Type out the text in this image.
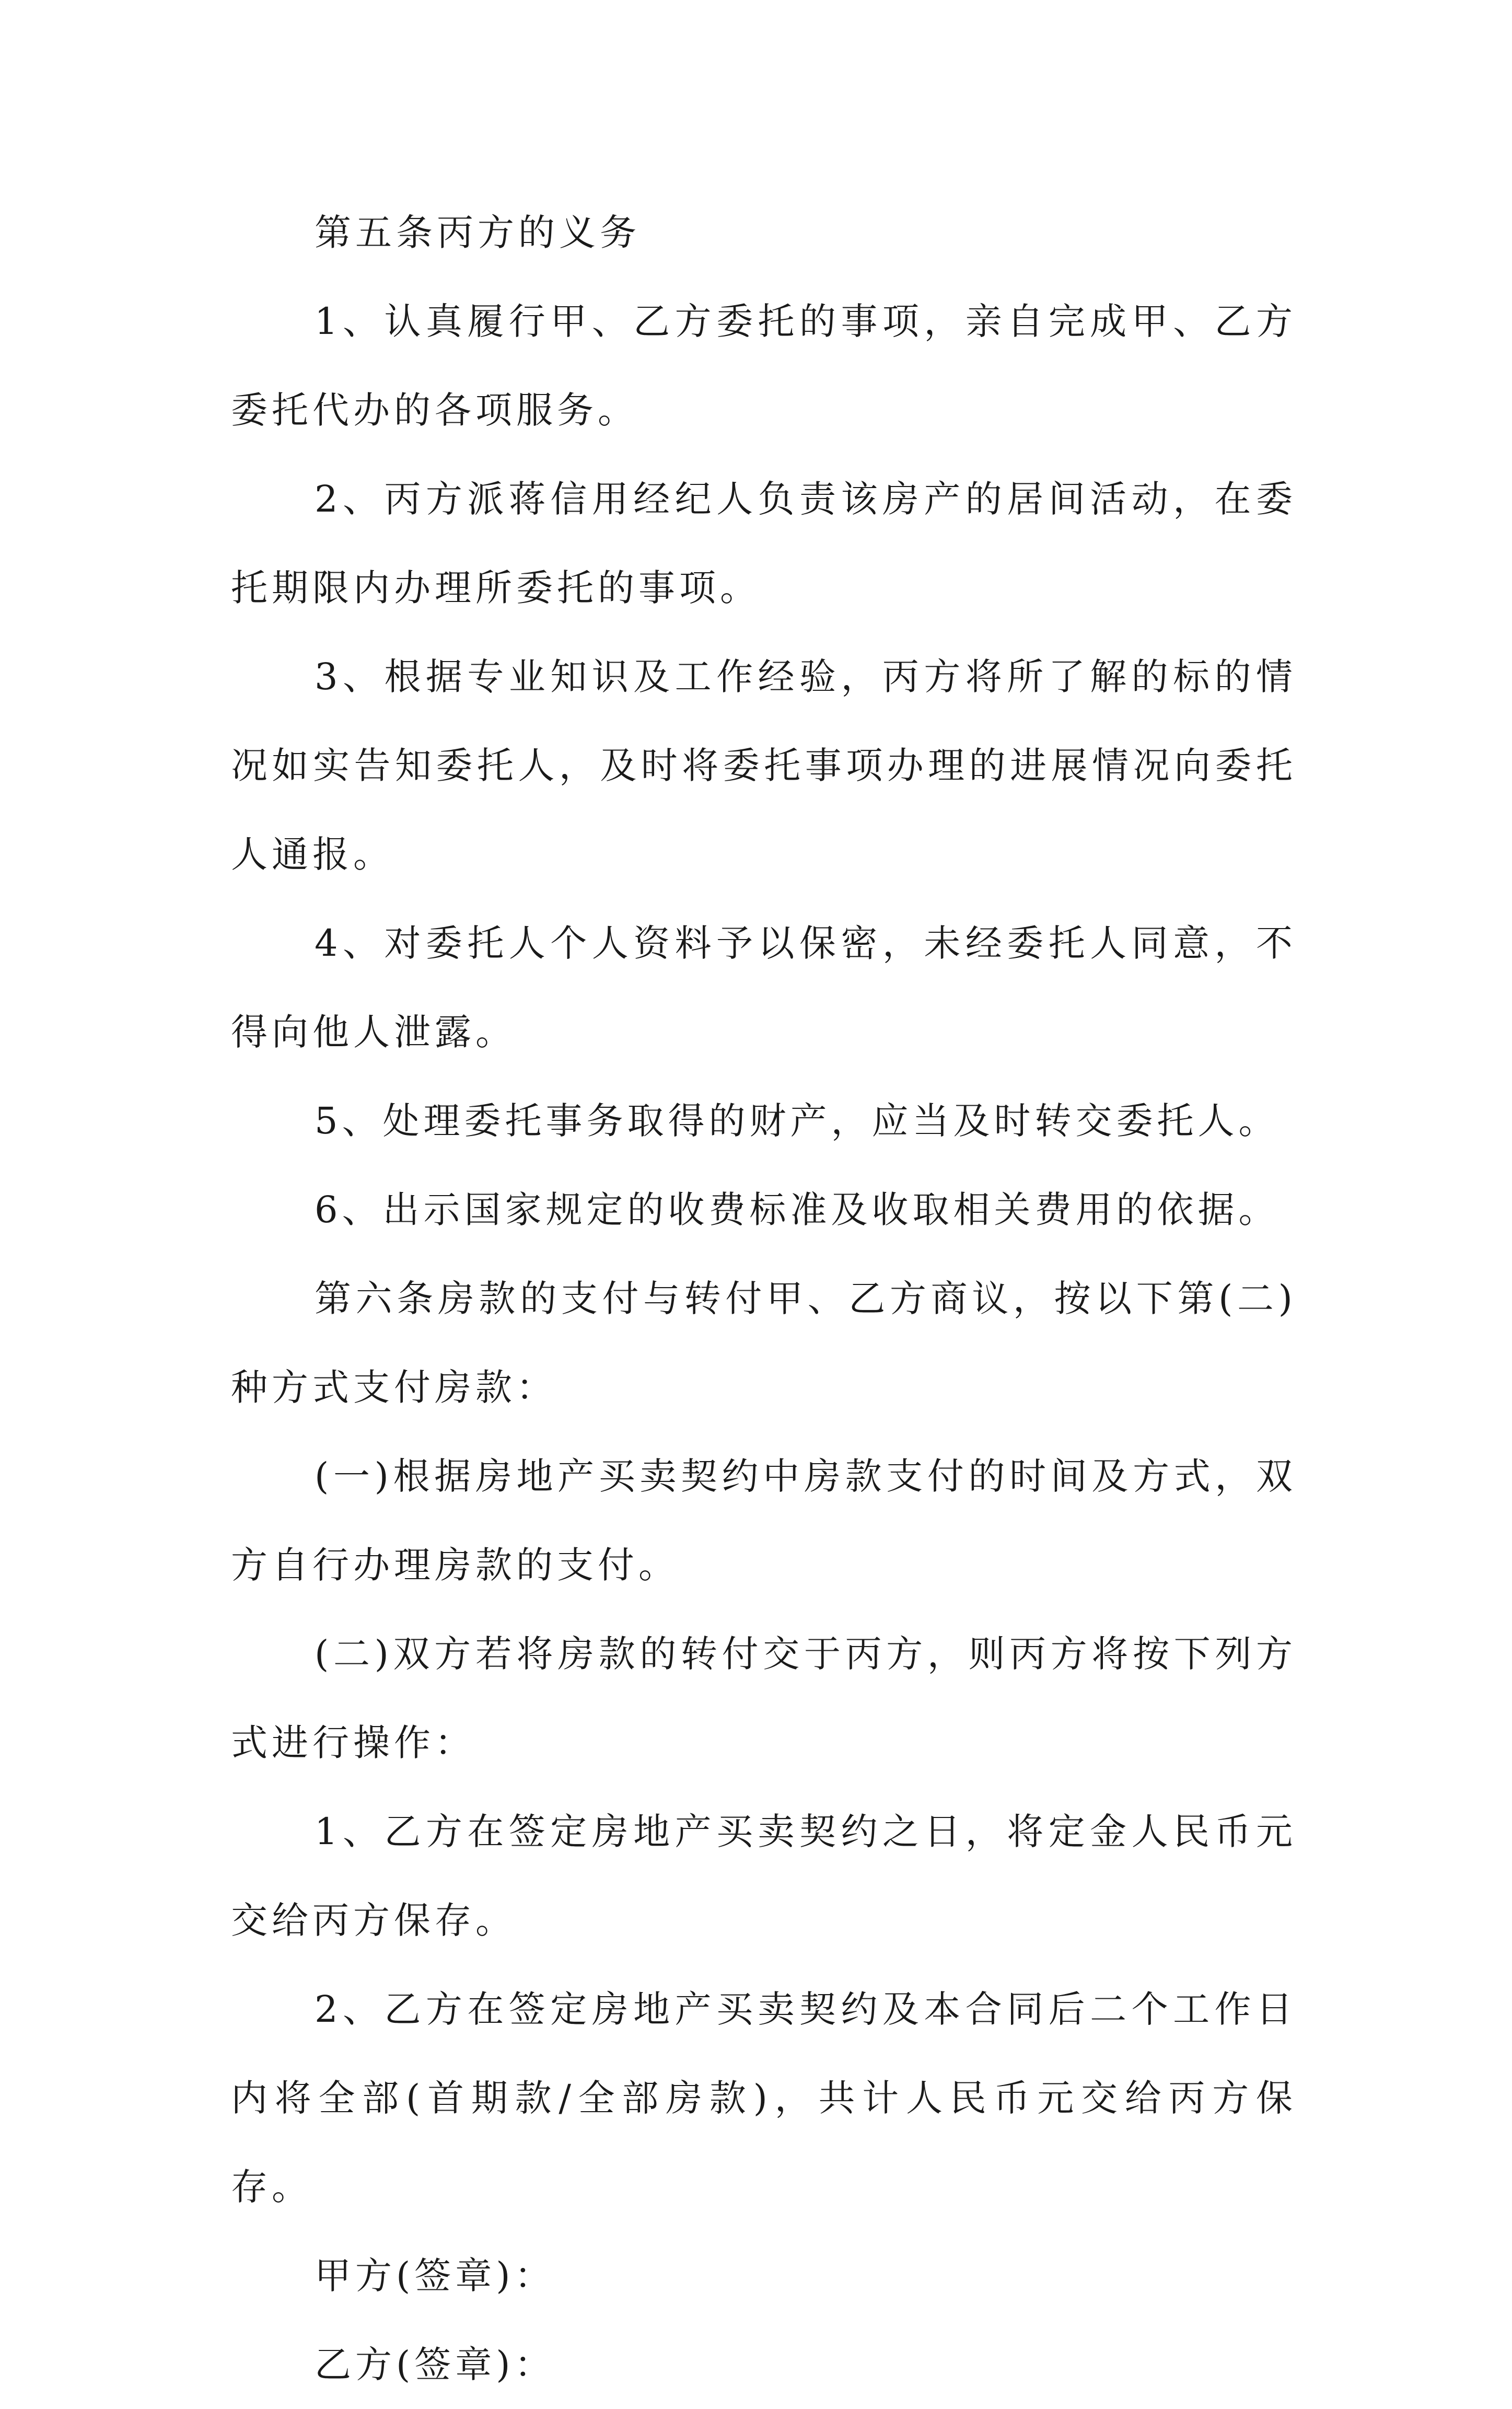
第五条丙方的义务

1、认真履行甲、乙方委托的事项，亲自完成甲、乙方委托代办的各项服务。

2、丙方派蒋信用经纪人负责该房产的居间活动，在委托期限内办理所委托的事项。

3、根据专业知识及工作经验，丙方将所了解的标的情况如实告知委托人，及时将委托事项办理的进展情况向委托人通报。

4、对委托人个人资料予以保密，未经委托人同意，不得向他人泄露。

5、处理委托事务取得的财产，应当及时转交委托人。

6、出示国家规定的收费标准及收取相关费用的依据。

第六条房款的支付与转付甲、乙方商议，按以下第(二)种方式支付房款：

(一)根据房地产买卖契约中房款支付的时间及方式，双方自行办理房款的支付。

(二)双方若将房款的转付交于丙方，则丙方将按下列方式进行操作：

1、乙方在签定房地产买卖契约之日，将定金人民币元交给丙方保存。

2、乙方在签定房地产买卖契约及本合同后二个工作日内将全部(首期款/全部房款)，共计人民币元交给丙方保存。

甲方(签章)：

乙方(签章)：
